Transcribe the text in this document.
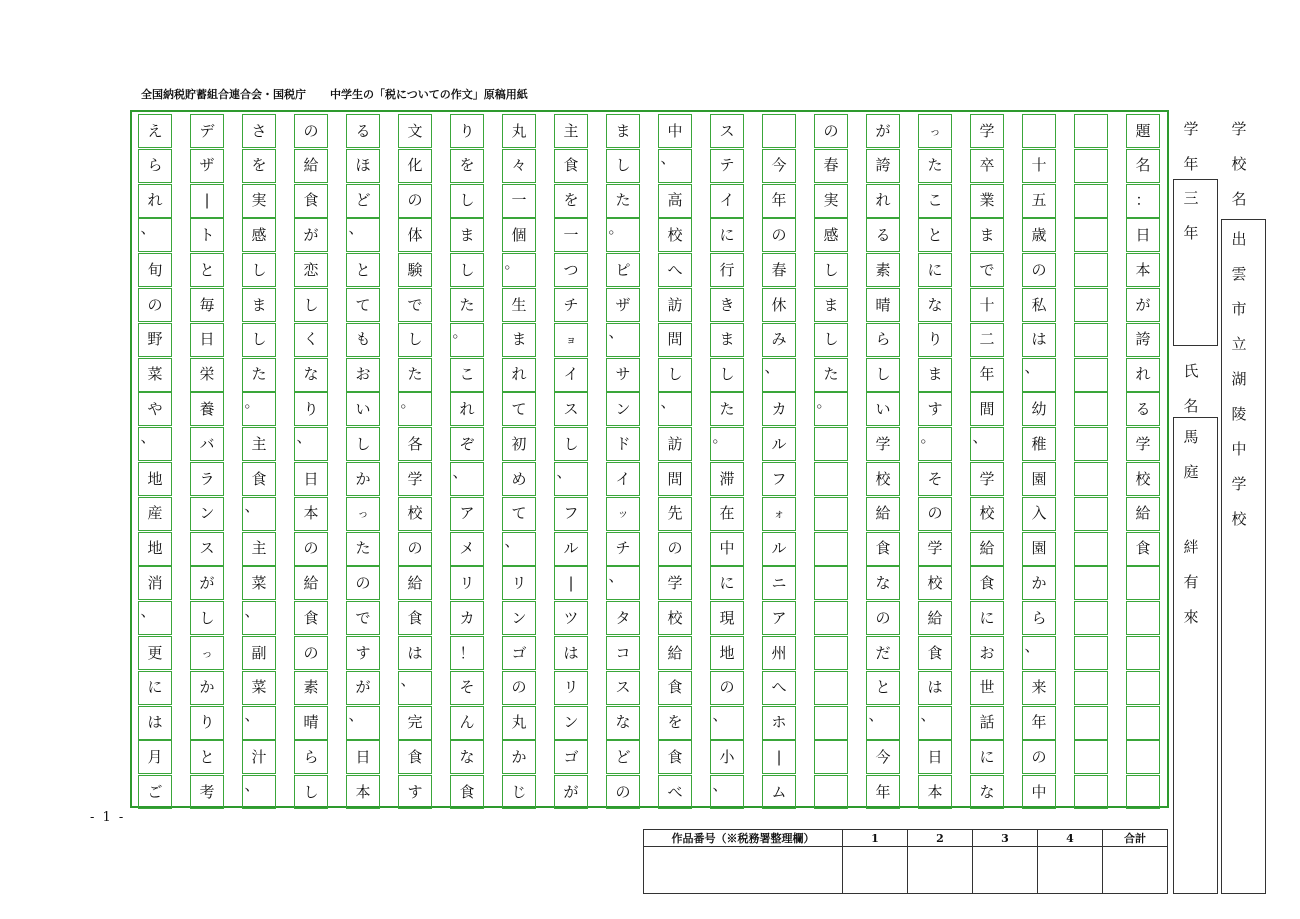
全国納税貯蓄組合連合会・国税庁 中学生の「税についての作文」原稿用紙
題
名
：
日
本
が
誇
れ
る
学
校
給
食
十
五
歳
の
私
は
、
幼
稚
園
入
園
か
ら
、
来
年
の
中
学
卒
業
ま
で
十
二
年
間
、
学
校
給
食
に
お
世
話
に
な
っ
た
こ
と
に
な
り
ま
す
。
そ
の
学
校
給
食
は
、
日
本
が
誇
れ
る
素
晴
ら
し
い
学
校
給
食
な
の
だ
と
、
今
年
の
春
実
感
し
ま
し
た
。
今
年
の
春
休
み
、
カ
ル
フ
ォ
ル
ニ
ア
州
へ
ホ
|
ム
ス
テ
イ
に
行
き
ま
し
た
。
滞
在
中
に
現
地
の
、
小
、
中
、
高
校
へ
訪
問
し
、
訪
問
先
の
学
校
給
食
を
食
べ
ま
し
た
。
ピ
ザ
、
サ
ン
ド
イ
ッ
チ
、
タ
コ
ス
な
ど
の
主
食
を
一
つ
チ
ョ
イ
ス
し
、
フ
ル
|
ツ
は
リ
ン
ゴ
が
丸
々
一
個
。
生
ま
れ
て
初
め
て
、
リ
ン
ゴ
の
丸
か
じ
り
を
し
ま
し
た
。
こ
れ
ぞ
、
ア
メ
リ
カ
！
そ
ん
な
食
文
化
の
体
験
で
し
た
。
各
学
校
の
給
食
は
、
完
食
す
る
ほ
ど
、
と
て
も
お
い
し
か
っ
た
の
で
す
が
、
日
本
の
給
食
が
恋
し
く
な
り
、
日
本
の
給
食
の
素
晴
ら
し
さ
を
実
感
し
ま
し
た
。
主
食
、
主
菜
、
副
菜
、
汁
、
デ
ザ
|
ト
と
毎
日
栄
養
バ
ラ
ン
ス
が
し
っ
か
り
と
考
え
ら
れ
、
旬
の
野
菜
や
、
地
産
地
消
、
更
に
は
月
ご
- 1 -
学
校
名
出
雲
市
立
湖
陵
中
学
校
学
年
三
年
氏
名
馬
庭
絆
有
來
作品番号（※税務署整理欄）	1	2	3	4	合計
